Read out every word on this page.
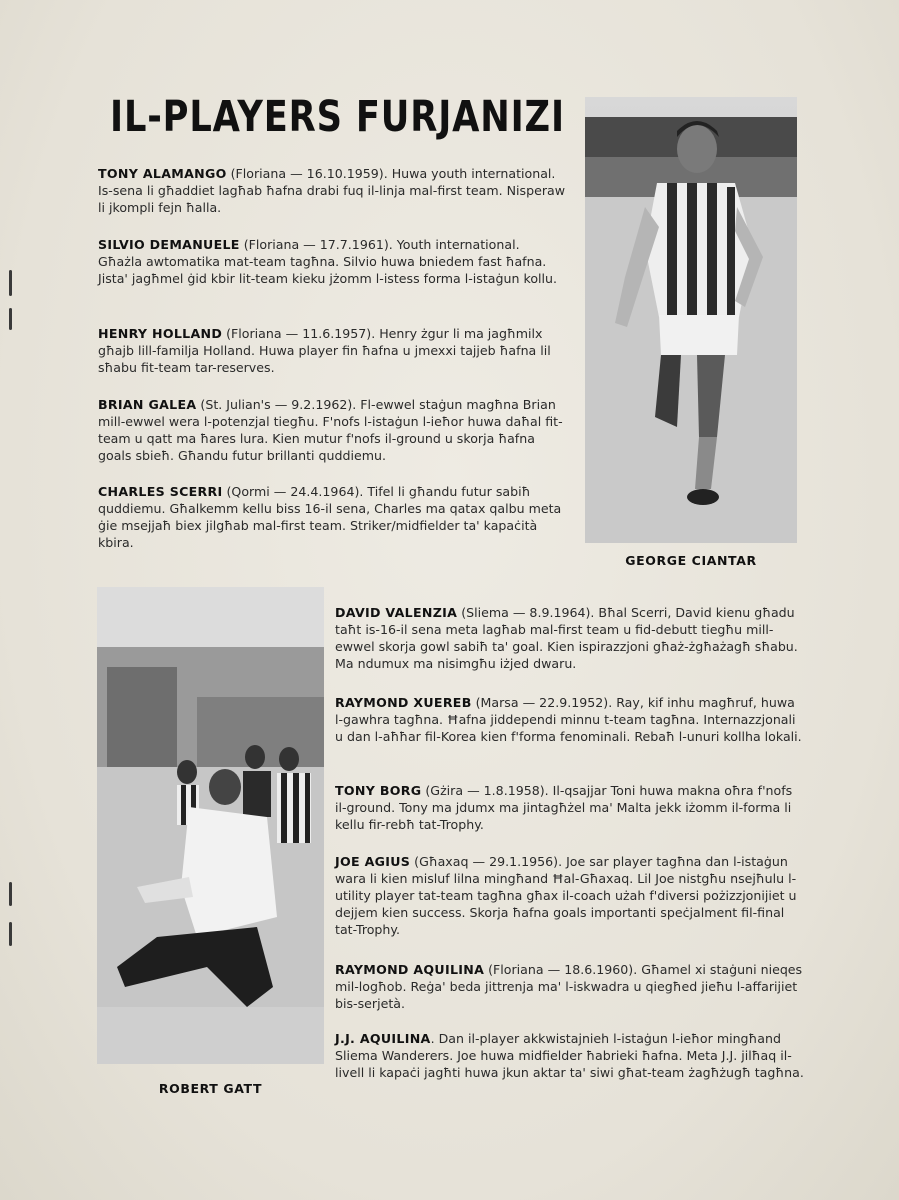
IL-PLAYERS FURJANIZI
TONY ALAMANGO (Floriana — 16.10.1959). Huwa youth international. Is-sena li għaddiet lagħab ħafna drabi fuq il-linja mal-first team. Nisperaw li jkompli fejn ħalla.
SILVIO DEMANUELE (Floriana — 17.7.1961). Youth international. Għażla awtomatika mat-team tagħna. Silvio huwa bniedem fast ħafna. Jista' jagħmel ġid kbir lit-team kieku jżomm l-istess forma l-istaġun kollu.
HENRY HOLLAND (Floriana — 11.6.1957). Henry żgur li ma jagħmilx għajb lill-familja Holland. Huwa player fin ħafna u jmexxi tajjeb ħafna lil sħabu fit-team tar-reserves.
BRIAN GALEA (St. Julian's — 9.2.1962). Fl-ewwel staġun magħna Brian mill-ewwel wera l-potenzjal tiegħu. F'nofs l-istaġun l-ieħor huwa daħal fit-team u qatt ma ħares lura. Kien mutur f'nofs il-ground u skorja ħafna goals sbieħ. Għandu futur brillanti quddiemu.
CHARLES SCERRI (Qormi — 24.4.1964). Tifel li għandu futur sabiħ quddiemu. Għalkemm kellu biss 16-il sena, Charles ma qatax qalbu meta ġie msejjaħ biex jilgħab mal-first team. Striker/midfielder ta' kapaċità kbira.
GEORGE CIANTAR
ROBERT GATT
DAVID VALENZIA (Sliema — 8.9.1964). Bħal Scerri, David kienu għadu taħt is-16-il sena meta lagħab mal-first team u fid-debutt tiegħu mill-ewwel skorja gowl sabiħ ta' goal. Kien ispirazzjoni għaż-żgħażagħ sħabu. Ma ndumux ma nisimgħu iżjed dwaru.
RAYMOND XUEREB (Marsa — 22.9.1952). Ray, kif inhu magħruf, huwa l-gawhra tagħna. Ħafna jiddependi minnu t-team tagħna. Internazzjonali u dan l-aħħar fil-Korea kien f'forma fenominali. Rebaħ l-unuri kollha lokali.
TONY BORG (Gżira — 1.8.1958). Il-qsajjar Toni huwa makna oħra f'nofs il-ground. Tony ma jdumx ma jintagħżel ma' Malta jekk iżomm il-forma li kellu fir-rebħ tat-Trophy.
JOE AGIUS (Għaxaq — 29.1.1956). Joe sar player tagħna dan l-istaġun wara li kien misluf lilna mingħand Ħal-Għaxaq. Lil Joe nistgħu nsejħulu l-utility player tat-team tagħna għax il-coach użah f'diversi pożizzjonijiet u dejjem kien success. Skorja ħafna goals importanti speċjalment fil-final tat-Trophy.
RAYMOND AQUILINA (Floriana — 18.6.1960). Għamel xi staġuni nieqes mil-logħob. Reġa' beda jittrenja ma' l-iskwadra u qiegħed jieħu l-affarijiet bis-serjetà.
J.J. AQUILINA. Dan il-player akkwistajnieh l-istaġun l-ieħor mingħand Sliema Wanderers. Joe huwa midfielder ħabrieki ħafna. Meta J.J. jilħaq il-livell li kapaċi jagħti huwa jkun aktar ta' siwi għat-team żagħżugħ tagħna.
